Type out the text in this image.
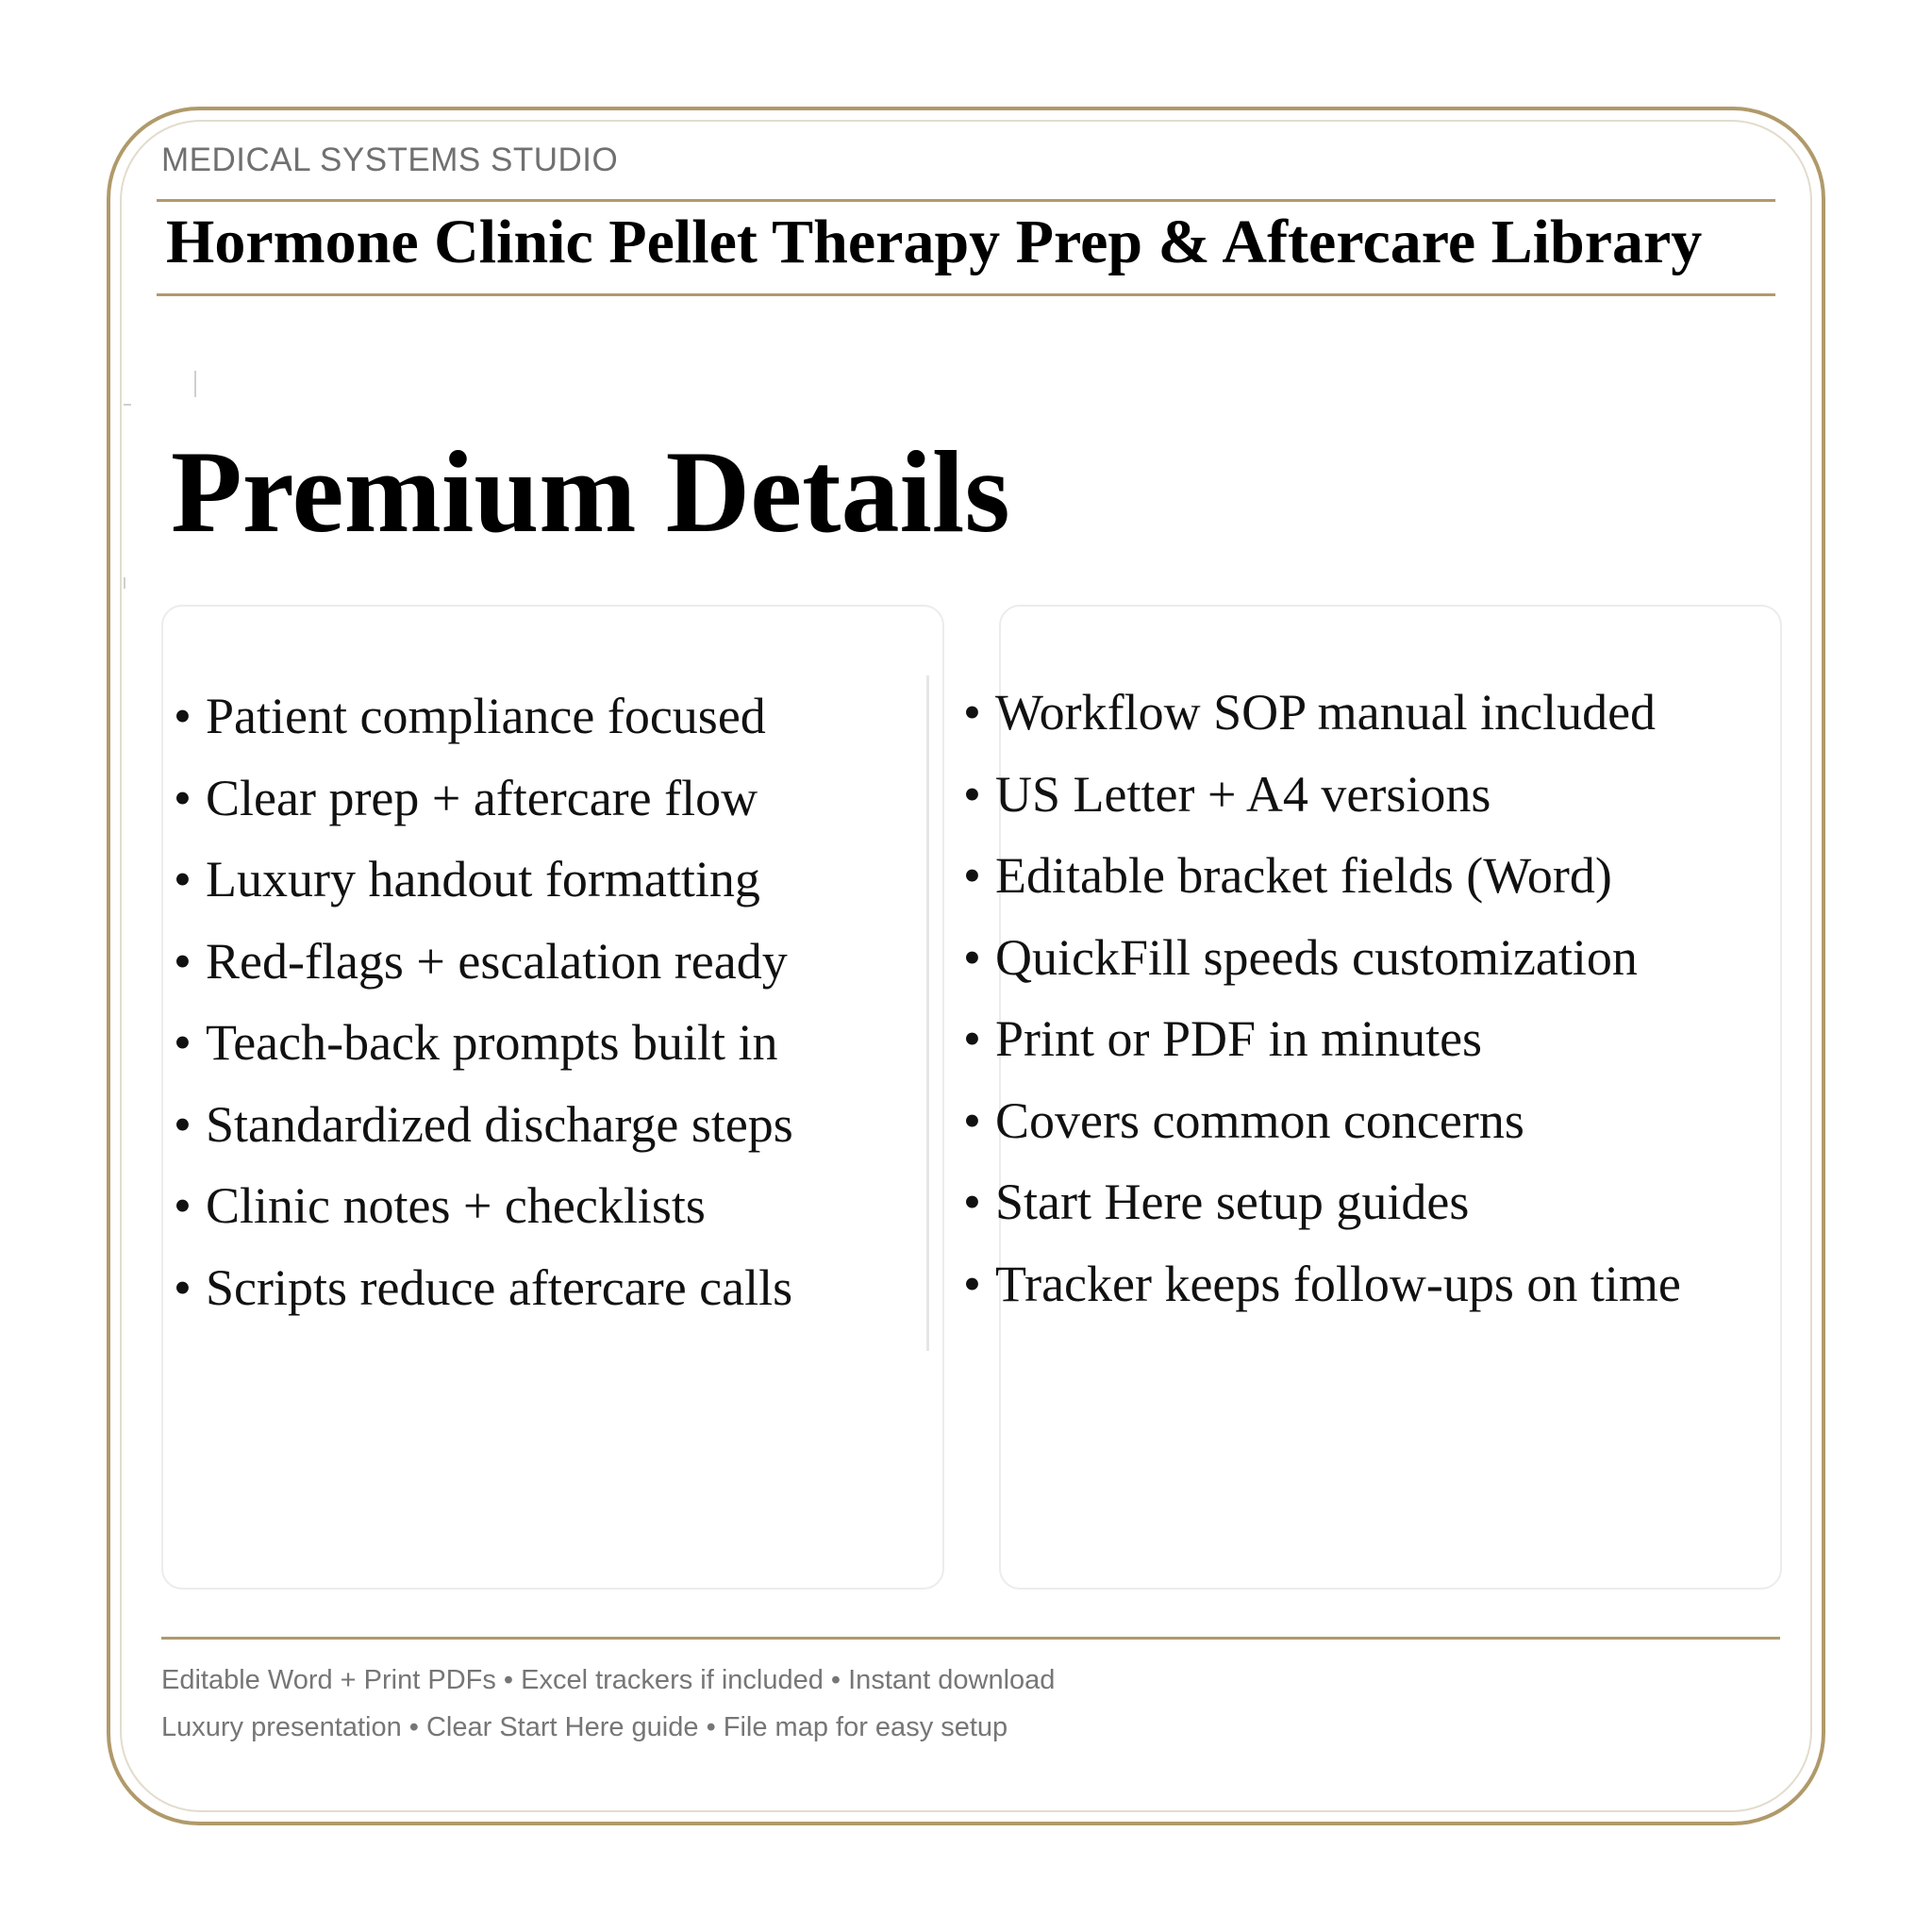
MEDICAL SYSTEMS STUDIO
Hormone Clinic Pellet Therapy Prep & Aftercare Library
Premium Details
• Patient compliance focused
• Clear prep + aftercare flow
• Luxury handout formatting
• Red-flags + escalation ready
• Teach-back prompts built in
• Standardized discharge steps
• Clinic notes + checklists
• Scripts reduce aftercare calls
• Workflow SOP manual included
• US Letter + A4 versions
• Editable bracket fields (Word)
• QuickFill speeds customization
• Print or PDF in minutes
• Covers common concerns
• Start Here setup guides
• Tracker keeps follow-ups on time
Editable Word + Print PDFs • Excel trackers if included • Instant download
Luxury presentation • Clear Start Here guide • File map for easy setup
